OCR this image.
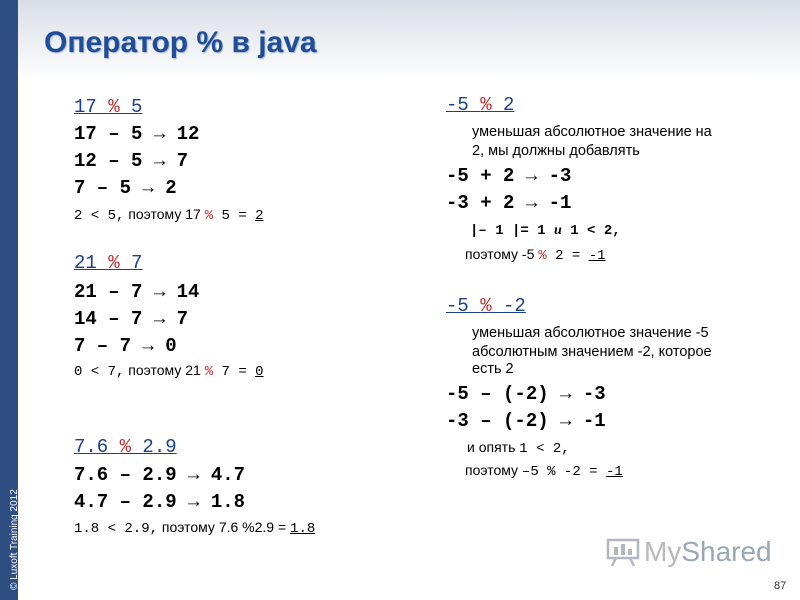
© Luxoft Training 2012
Оператор % в java
17 % 5
17 – 5 → 12
12 – 5 → 7
7 – 5 → 2
2 < 5, поэтому 17 % 5 = 2
21 % 7
21 – 7 → 14
14 – 7 → 7
7 – 7 → 0
0 < 7, поэтому 21 % 7 = 0
7.6 % 2.9
7.6 – 2.9 → 4.7
4.7 – 2.9 → 1.8
1.8 < 2.9, поэтому 7.6 %2.9 = 1.8
-5 % 2
уменьшая абсолютное значение на
2, мы должны добавлять
-5 + 2 → -3
-3 + 2 → -1
|– 1 |= 1 и 1 < 2,
поэтому -5 % 2 = -1
-5 % -2
уменьшая абсолютное значение -5
абсолютным значением -2, которое
есть 2
-5 – (-2) → -3
-3 – (-2) → -1
и опять 1 < 2,
поэтому –5 % -2 = -1
MyShared
87
